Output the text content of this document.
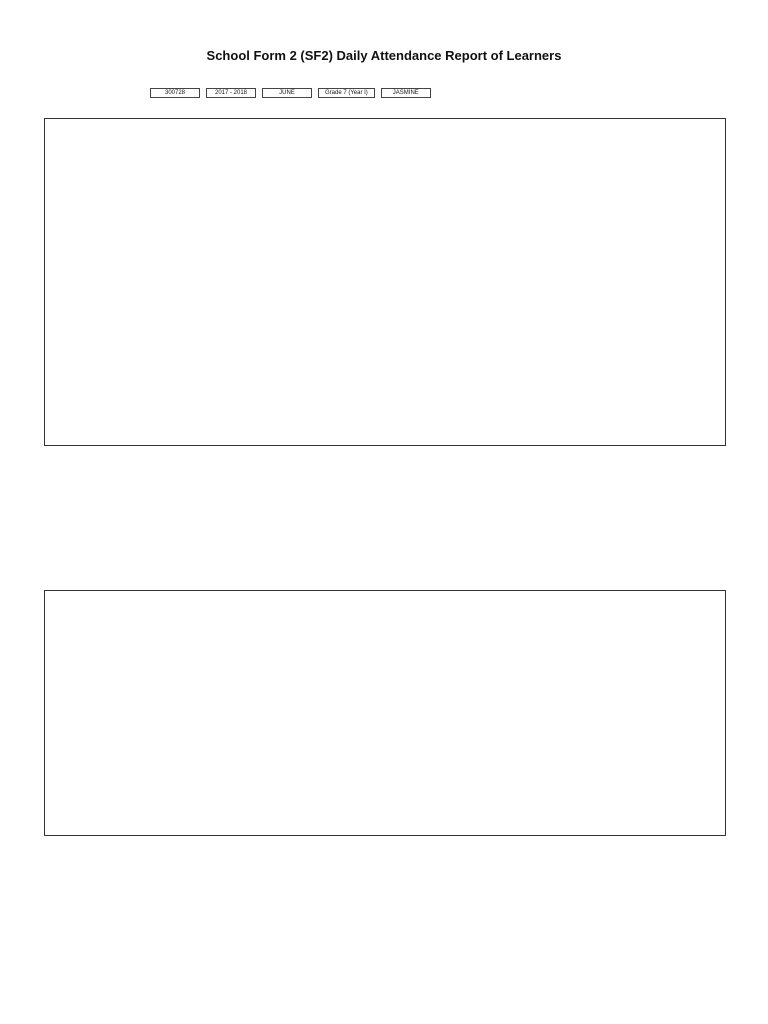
School Form 2 (SF2) Daily Attendance Report of Learners
300728	2017 - 2018	JUNE	Grade 7 (Year I)	JASMINE
